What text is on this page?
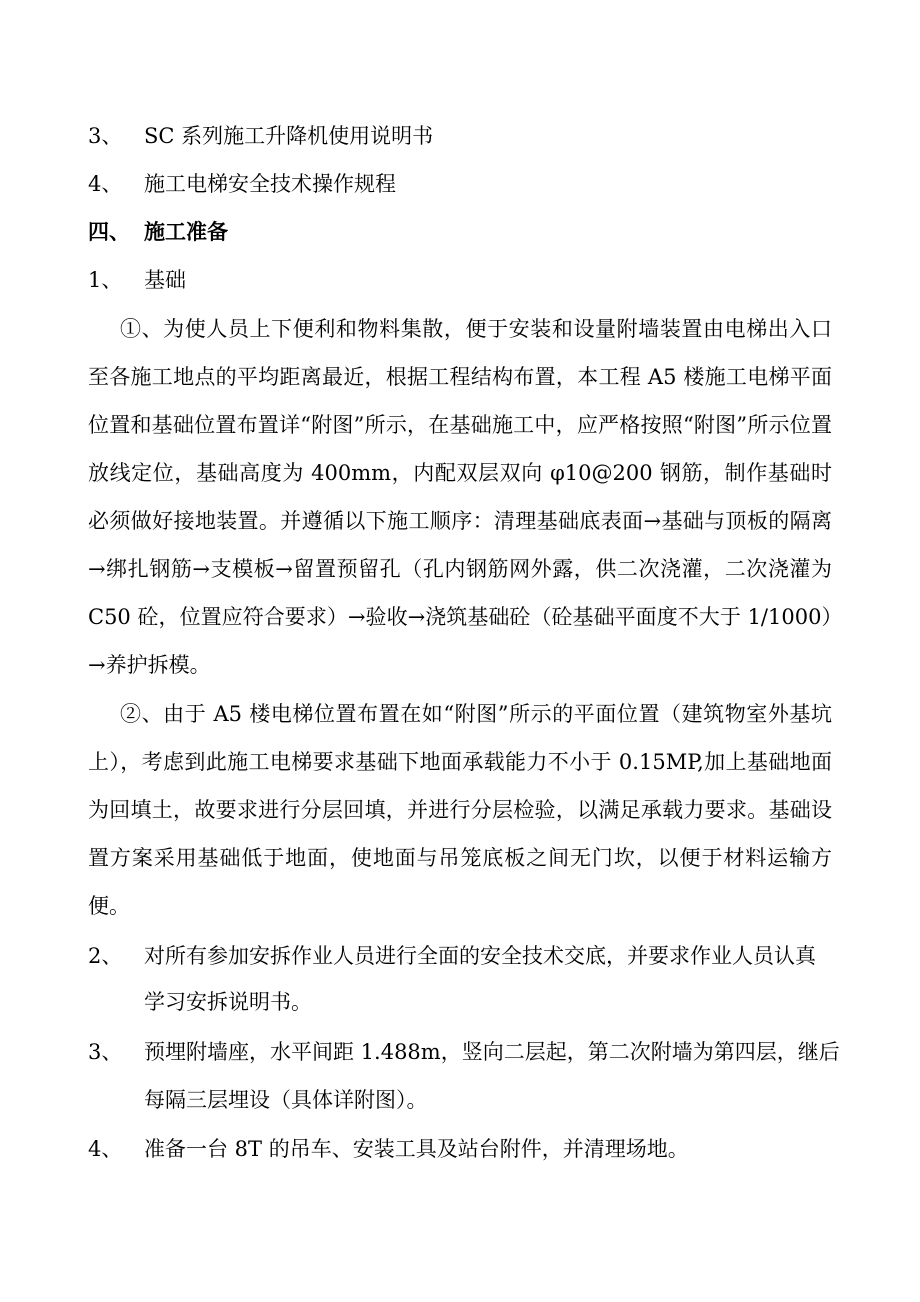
3、 SC 系列施工升降机使用说明书
4、 施工电梯安全技术操作规程
四、 施工准备
1、 基础
①、为使人员上下便利和物料集散，便于安装和设量附墙装置由电梯出入口至各施工地点的平均距离最近，根据工程结构布置，本工程 A5 楼施工电梯平面位置和基础位置布置详“附图”所示，在基础施工中，应严格按照“附图”所示位置放线定位，基础高度为 400mm，内配双层双向 φ10@200 钢筋，制作基础时必须做好接地装置。并遵循以下施工顺序：清理基础底表面→基础与顶板的隔离→绑扎钢筋→支模板→留置预留孔（孔内钢筋网外露，供二次浇灌，二次浇灌为 C50 砼，位置应符合要求）→验收→浇筑基础砼（砼基础平面度不大于 1/1000）→养护拆模。
②、由于 A5 楼电梯位置布置在如“附图”所示的平面位置（建筑物室外基坑上），考虑到此施工电梯要求基础下地面承载能力不小于 0.15MP,加上基础地面为回填土，故要求进行分层回填，并进行分层检验，以满足承载力要求。基础设置方案采用基础低于地面，使地面与吊笼底板之间无门坎，以便于材料运输方便。
2、 对所有参加安拆作业人员进行全面的安全技术交底，并要求作业人员认真
学习安拆说明书。
3、 预埋附墙座，水平间距 1.488m，竖向二层起，第二次附墙为第四层，继后
每隔三层埋设（具体详附图）。
4、 准备一台 8T 的吊车、安装工具及站台附件，并清理场地。
